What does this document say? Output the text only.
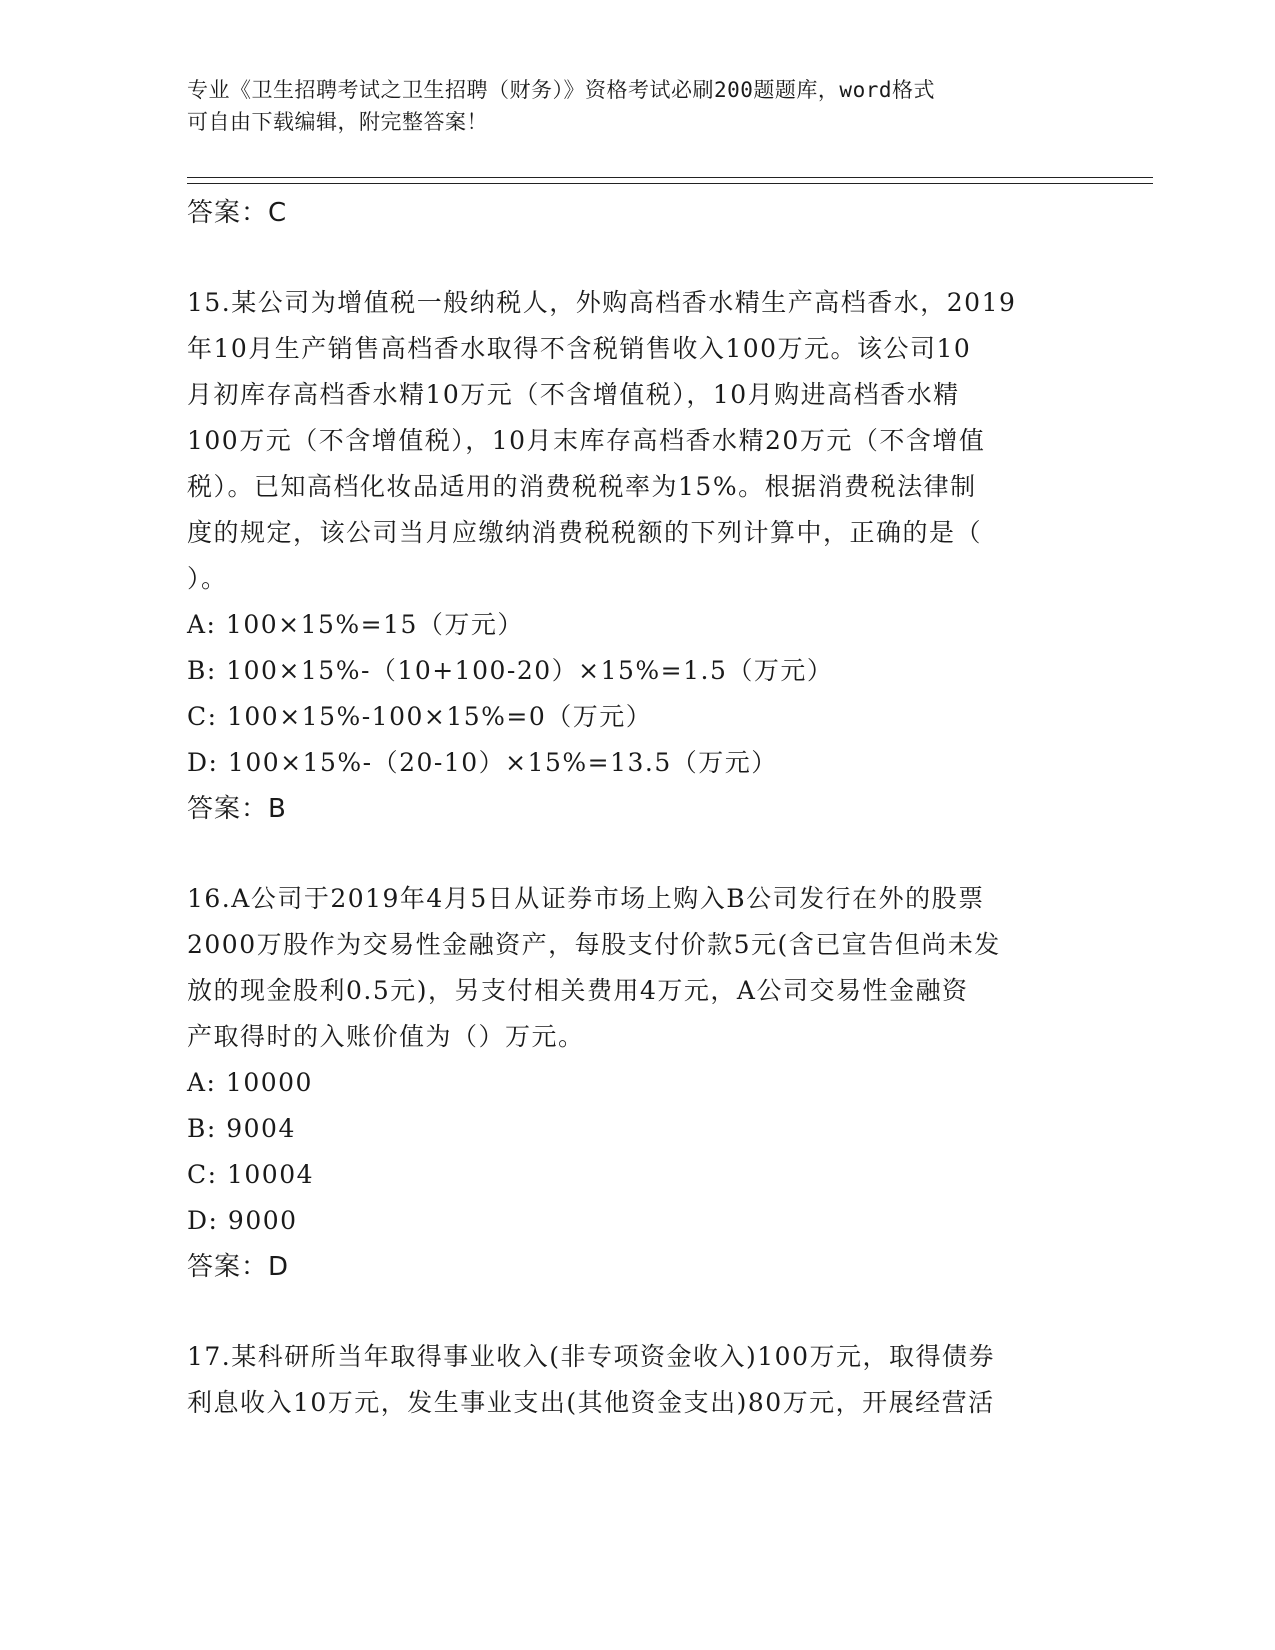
专业《卫生招聘考试之卫生招聘（财务）》资格考试必刷200题题库，word格式
可自由下载编辑，附完整答案！
答案：C
15.某公司为增值税一般纳税人，外购高档香水精生产高档香水，2019
年10月生产销售高档香水取得不含税销售收入100万元。该公司10
月初库存高档香水精10万元（不含增值税），10月购进高档香水精
100万元（不含增值税），10月末库存高档香水精20万元（不含增值
税）。已知高档化妆品适用的消费税税率为15%。根据消费税法律制
度的规定，该公司当月应缴纳消费税税额的下列计算中，正确的是（
）。
A: 100×15%=15（万元）
B: 100×15%-（10+100-20）×15%=1.5（万元）
C: 100×15%-100×15%=0（万元）
D: 100×15%-（20-10）×15%=13.5（万元）
答案：B
16.A公司于2019年4月5日从证券市场上购入B公司发行在外的股票
2000万股作为交易性金融资产，每股支付价款5元(含已宣告但尚未发
放的现金股利0.5元)，另支付相关费用4万元，A公司交易性金融资
产取得时的入账价值为（）万元。
A: 10000
B: 9004
C: 10004
D: 9000
答案：D
17.某科研所当年取得事业收入(非专项资金收入)100万元，取得债券
利息收入10万元，发生事业支出(其他资金支出)80万元，开展经营活
